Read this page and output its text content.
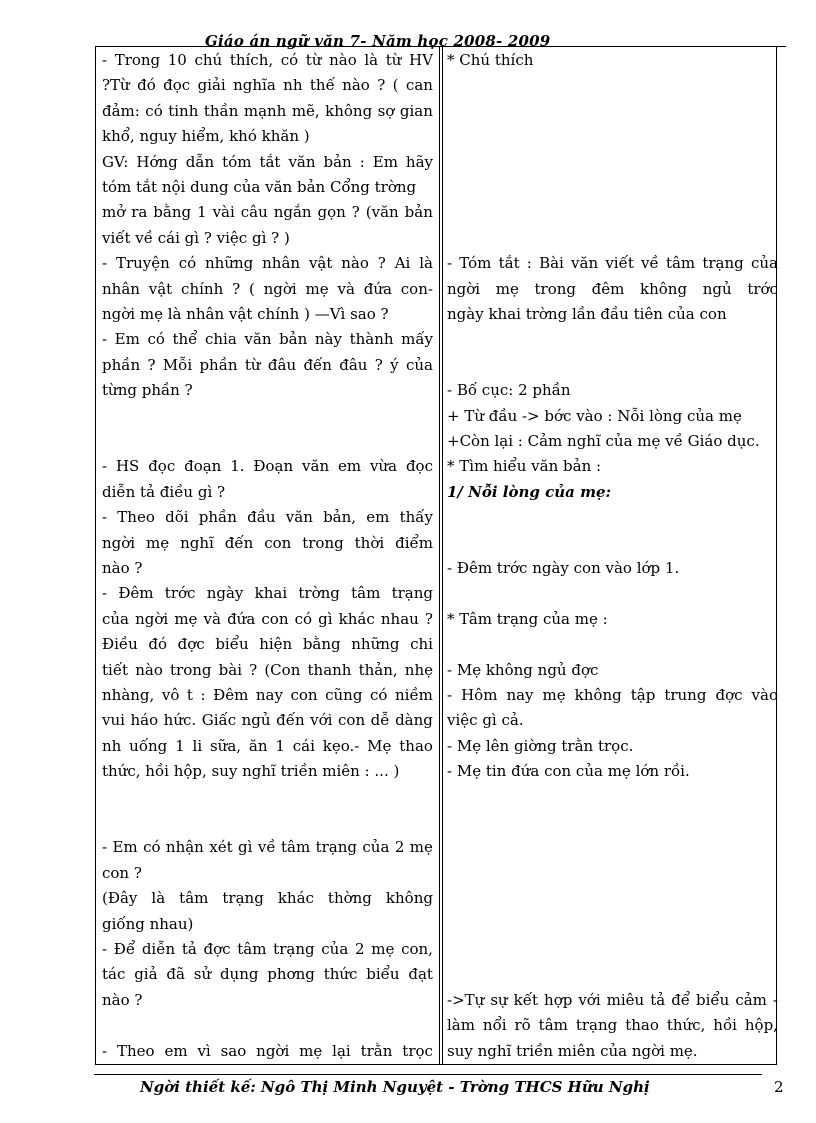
Giáo án ngữ văn 7- Năm học 2008- 2009
- Trong 10 chú thích, có từ nào là từ HV
?Từ đó đọc giải nghĩa nh thế nào ? ( can
đảm: có tinh thần mạnh mẽ, không sợ gian
khổ, nguy hiểm, khó khăn )
GV: Hớng dẫn tóm tắt văn bản : Em hãy
tóm tắt nội dung của văn bản Cổng trờng
mở ra bằng 1 vài câu ngắn gọn ? (văn bản
viết về cái gì ? việc gì ? )
- Truyện có những nhân vật nào ? Ai là
nhân vật chính ? ( ngời mẹ và đứa con-
ngời mẹ là nhân vật chính ) —Vì sao ?
- Em có thể chia văn bản này thành mấy
phần ? Mỗi phần từ đâu đến đâu ? ý của
từng phần ?
- HS đọc đoạn 1. Đoạn văn em vừa đọc
diễn tả điều gì ?
- Theo dõi phần đầu văn bản, em thấy
ngời mẹ nghĩ đến con trong thời điểm
nào ?
- Đêm trớc ngày khai trờng tâm trạng
của ngời mẹ và đứa con có gì khác nhau ?
Điều đó đợc biểu hiện bằng những chi
tiết nào trong bài ? (Con thanh thản, nhẹ
nhàng, vô t : Đêm nay con cũng có niềm
vui háo hức. Giấc ngủ đến với con dễ dàng
nh uống 1 li sữa, ăn 1 cái kẹo.- Mẹ thao
thức, hồi hộp, suy nghĩ triền miên : ... )
- Em có nhận xét gì về tâm trạng của 2 mẹ
con ?
(Đây là tâm trạng khác thờng không
giống nhau)
- Để diễn tả đợc tâm trạng của 2 mẹ con,
tác giả đã sử dụng phơng thức biểu đạt
nào ?
- Theo em vì sao ngời mẹ lại trằn trọc
* Chú thích
- Tóm tắt : Bài văn viết về tâm trạng của
ngời mẹ trong đêm không ngủ trớc
ngày khai trờng lần đầu tiên của con
- Bố cục: 2 phần
+ Từ đầu -> bớc vào : Nỗi lòng của mẹ
+Còn lại : Cảm nghĩ của mẹ về Giáo dục.
* Tìm hiểu văn bản :
1/ Nỗi lòng của mẹ:
- Đêm trớc ngày con vào lớp 1.
* Tâm trạng của mẹ :
- Mẹ không ngủ đợc
- Hôm nay mẹ không tập trung đợc vào
việc gì cả.
- Mẹ lên giờng trằn trọc.
- Mẹ tin đứa con của mẹ lớn rồi.
->Tự sự kết hợp với miêu tả để biểu cảm -
làm nổi rõ tâm trạng thao thức, hồi hộp,
suy nghĩ triền miên của ngời mẹ.
Ngời thiết kế: Ngô Thị Minh Nguyệt - Trờng THCS Hữu Nghị	2
